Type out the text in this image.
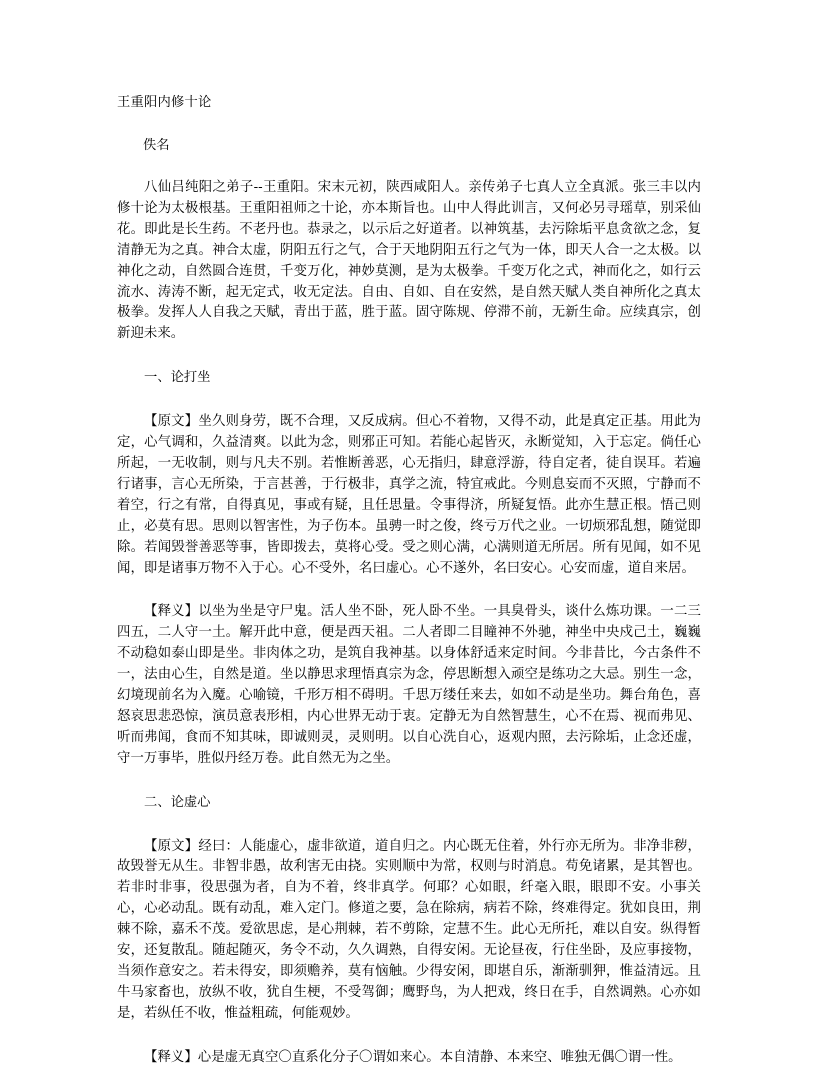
王重阳内修十论
佚名

八仙吕纯阳之弟子--王重阳。宋末元初，陕西咸阳人。亲传弟子七真人立全真派。张三丰以内修十论为太极根基。王重阳祖师之十论，亦本斯旨也。山中人得此训言，又何必另寻瑶草，别采仙花。即此是长生药。不老丹也。恭录之，以示后之好道者。以神筑基，去污除垢平息贪欲之念，复清静无为之真。神合太虚，阴阳五行之气，合于天地阴阳五行之气为一体，即天人合一之太极。以神化之动，自然圆合连贯，千变万化，神妙莫测，是为太极拳。千变万化之式，神而化之，如行云流水、涛涛不断，起无定式，收无定法。自由、自如、自在安然，是自然天赋人类自神所化之真太极拳。发挥人人自我之天赋，青出于蓝，胜于蓝。固守陈规、停滞不前，无新生命。应续真宗，创新迎未来。

一、论打坐

【原文】坐久则身劳，既不合理，又反成病。但心不着物，又得不动，此是真定正基。用此为定，心气调和，久益清爽。以此为念，则邪正可知。若能心起皆灭，永断觉知，入于忘定。倘任心所起，一无收制，则与凡夫不别。若惟断善恶，心无指归，肆意浮游，待自定者，徒自误耳。若遍行诸事，言心无所染，于言甚善，于行极非，真学之流，特宜戒此。今则息妄而不灭照，宁静而不着空，行之有常，自得真见，事或有疑，且任思量。令事得济，所疑复悟。此亦生慧正根。悟己则止，必莫有思。思则以智害性，为子伤本。虽骋一时之俊，终亏万代之业。一切烦邪乱想，随觉即除。若闻毁誉善恶等事，皆即拨去，莫将心受。受之则心满，心满则道无所居。所有见闻，如不见闻，即是诸事万物不入于心。心不受外，名曰虚心。心不遂外，名曰安心。心安而虚，道自来居。

【释义】以坐为坐是守尸鬼。活人坐不卧，死人卧不坐。一具臭骨头，谈什么炼功课。一二三四五，二人守一土。解开此中意，便是西天祖。二人者即二目瞳神不外驰，神坐中央戍己土，巍巍不动稳如泰山即是坐。非肉体之功，是筑自我神基。以身体舒适来定时间。今非昔比，今古条件不一，法由心生，自然是道。坐以静思求理悟真宗为念，停思断想入顽空是练功之大忌。别生一念，幻境现前名为入魔。心喻镜，千形万相不碍明。千思万缕任来去，如如不动是坐功。舞台角色，喜怒哀思悲恐惊，演员意表形相，内心世界无动于衷。定静无为自然智慧生，心不在焉、视而弗见、听而弗闻，食而不知其味，即诚则灵，灵则明。以自心洗自心，返观内照，去污除垢，止念还虚，守一万事毕，胜似丹经万卷。此自然无为之坐。

二、论虚心

【原文】经曰：人能虚心，虚非欲道，道自归之。内心既无住着，外行亦无所为。非净非秽，故毁誉无从生。非智非愚，故利害无由挠。实则顺中为常，权则与时消息。苟免诸累，是其智也。若非时非事，役思强为者，自为不着，终非真学。何耶？心如眼，纤毫入眼，眼即不安。小事关心，心必动乱。既有动乱，难入定门。修道之要，急在除病，病若不除，终难得定。犹如良田，荆棘不除，嘉禾不茂。爱欲思虑，是心荆棘，若不剪除，定慧不生。此心无所托，难以自安。纵得暂安，还复散乱。随起随灭，务令不动，久久调熟，自得安闲。无论昼夜，行住坐卧，及应事接物，当须作意安之。若未得安，即须赡养，莫有恼触。少得安闲，即堪自乐，渐渐驯狎，惟益清远。且牛马家畜也，放纵不收，犹自生梗，不受驾御；鹰野鸟，为人把戏，终日在手，自然调熟。心亦如是，若纵任不收，惟益粗疏，何能观妙。

【释义】心是虚无真空〇直系化分子〇谓如来心。本自清静、本来空、唯独无偶〇谓一性。
